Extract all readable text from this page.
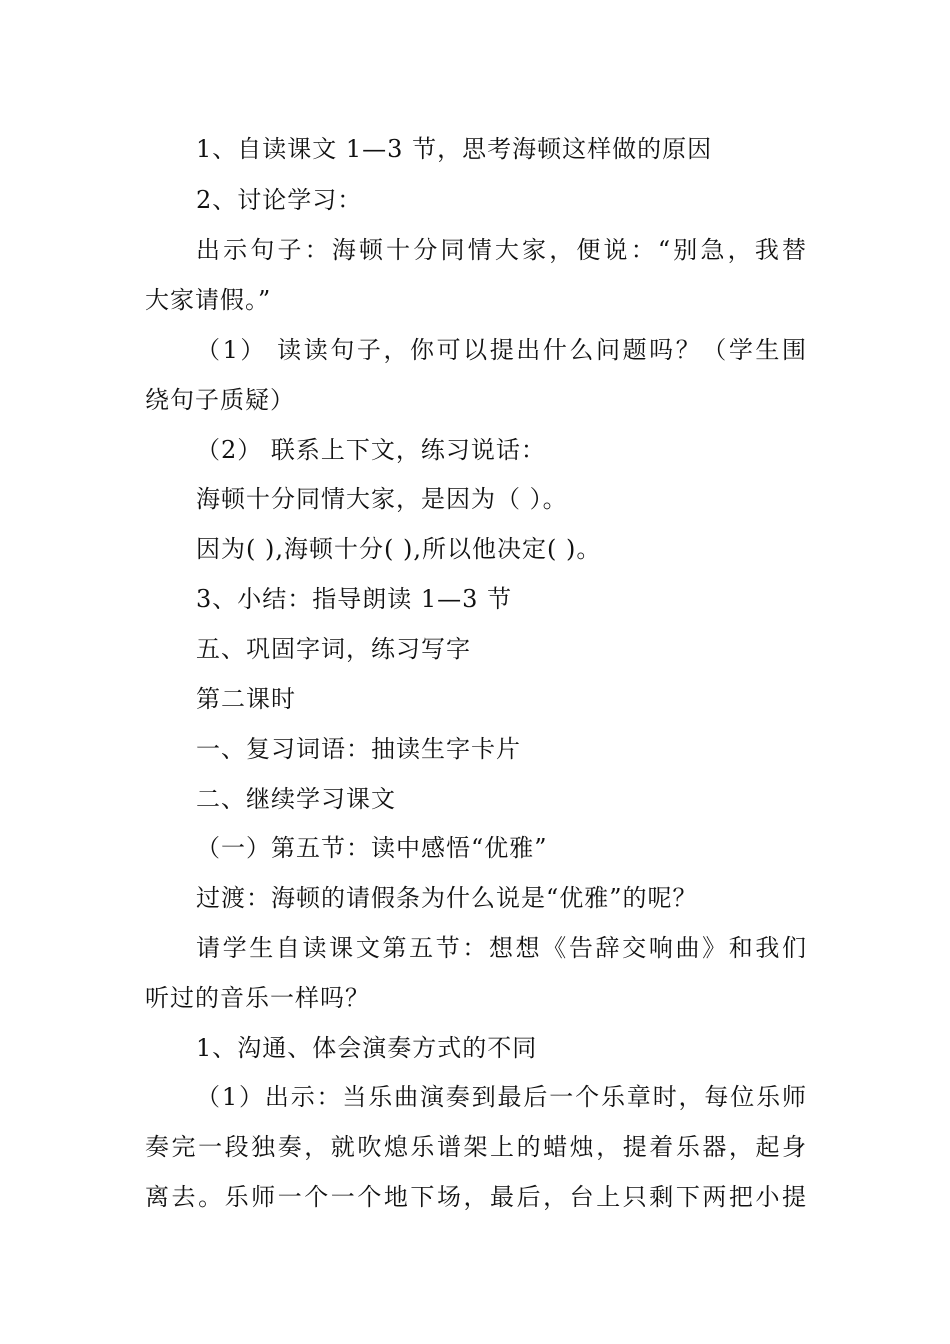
1、自读课文 1—3 节，思考海顿这样做的原因
2、讨论学习：
出示句子：海顿十分同情大家，便说：“别急，我替
大家请假。”
（1） 读读句子，你可以提出什么问题吗？（学生围
绕句子质疑）
（2） 联系上下文，练习说话：
海顿十分同情大家，是因为（ ）。
因为( ),海顿十分( ),所以他决定( )。
3、小结：指导朗读 1—3 节
五、巩固字词，练习写字
第二课时
一、复习词语：抽读生字卡片
二、继续学习课文
（一）第五节：读中感悟“优雅”
过渡：海顿的请假条为什么说是“优雅”的呢？
请学生自读课文第五节：想想《告辞交响曲》和我们
听过的音乐一样吗？
1、沟通、体会演奏方式的不同
（1）出示：当乐曲演奏到最后一个乐章时，每位乐师
奏完一段独奏，就吹熄乐谱架上的蜡烛，提着乐器，起身
离去。乐师一个一个地下场，最后，台上只剩下两把小提
